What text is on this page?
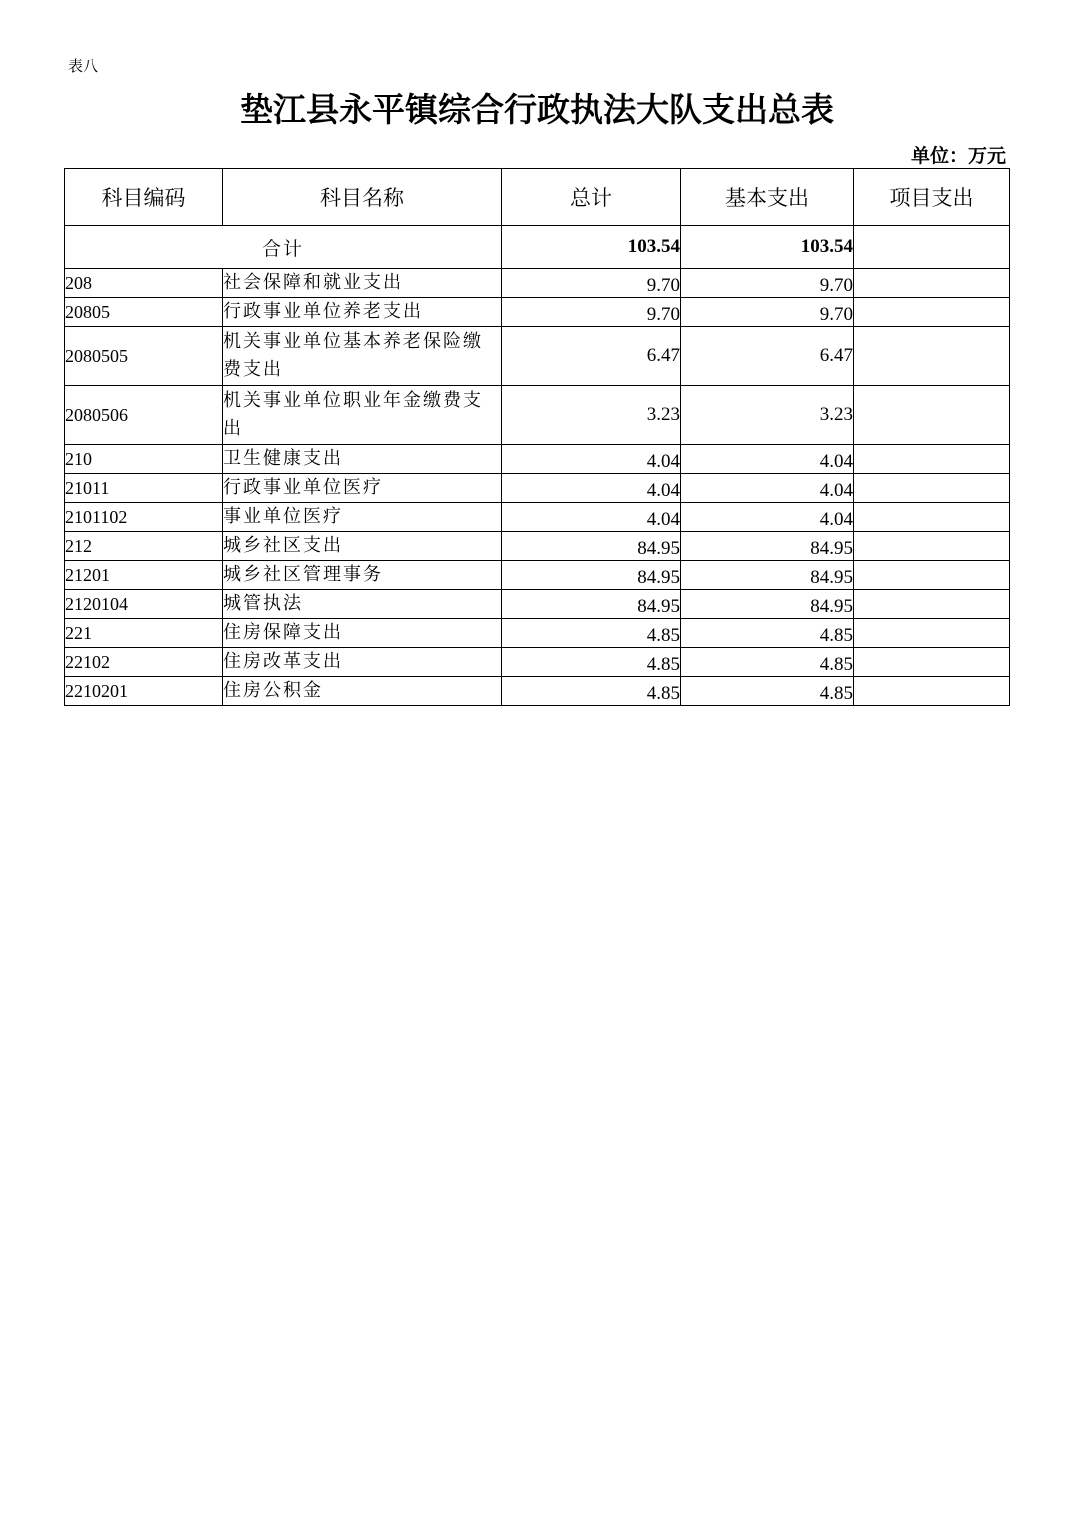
表八
垫江县永平镇综合行政执法大队支出总表
单位：万元
科目编码	科目名称	总计	基本支出	项目支出
合计		103.54	103.54	
208	社会保障和就业支出	9.70	9.70	
20805	行政事业单位养老支出	9.70	9.70	
2080505	机关事业单位基本养老保险缴费支出	6.47	6.47	
2080506	机关事业单位职业年金缴费支出	3.23	3.23	
210	卫生健康支出	4.04	4.04	
21011	行政事业单位医疗	4.04	4.04	
2101102	事业单位医疗	4.04	4.04	
212	城乡社区支出	84.95	84.95	
21201	城乡社区管理事务	84.95	84.95	
2120104	城管执法	84.95	84.95	
221	住房保障支出	4.85	4.85	
22102	住房改革支出	4.85	4.85	
2210201	住房公积金	4.85	4.85	
